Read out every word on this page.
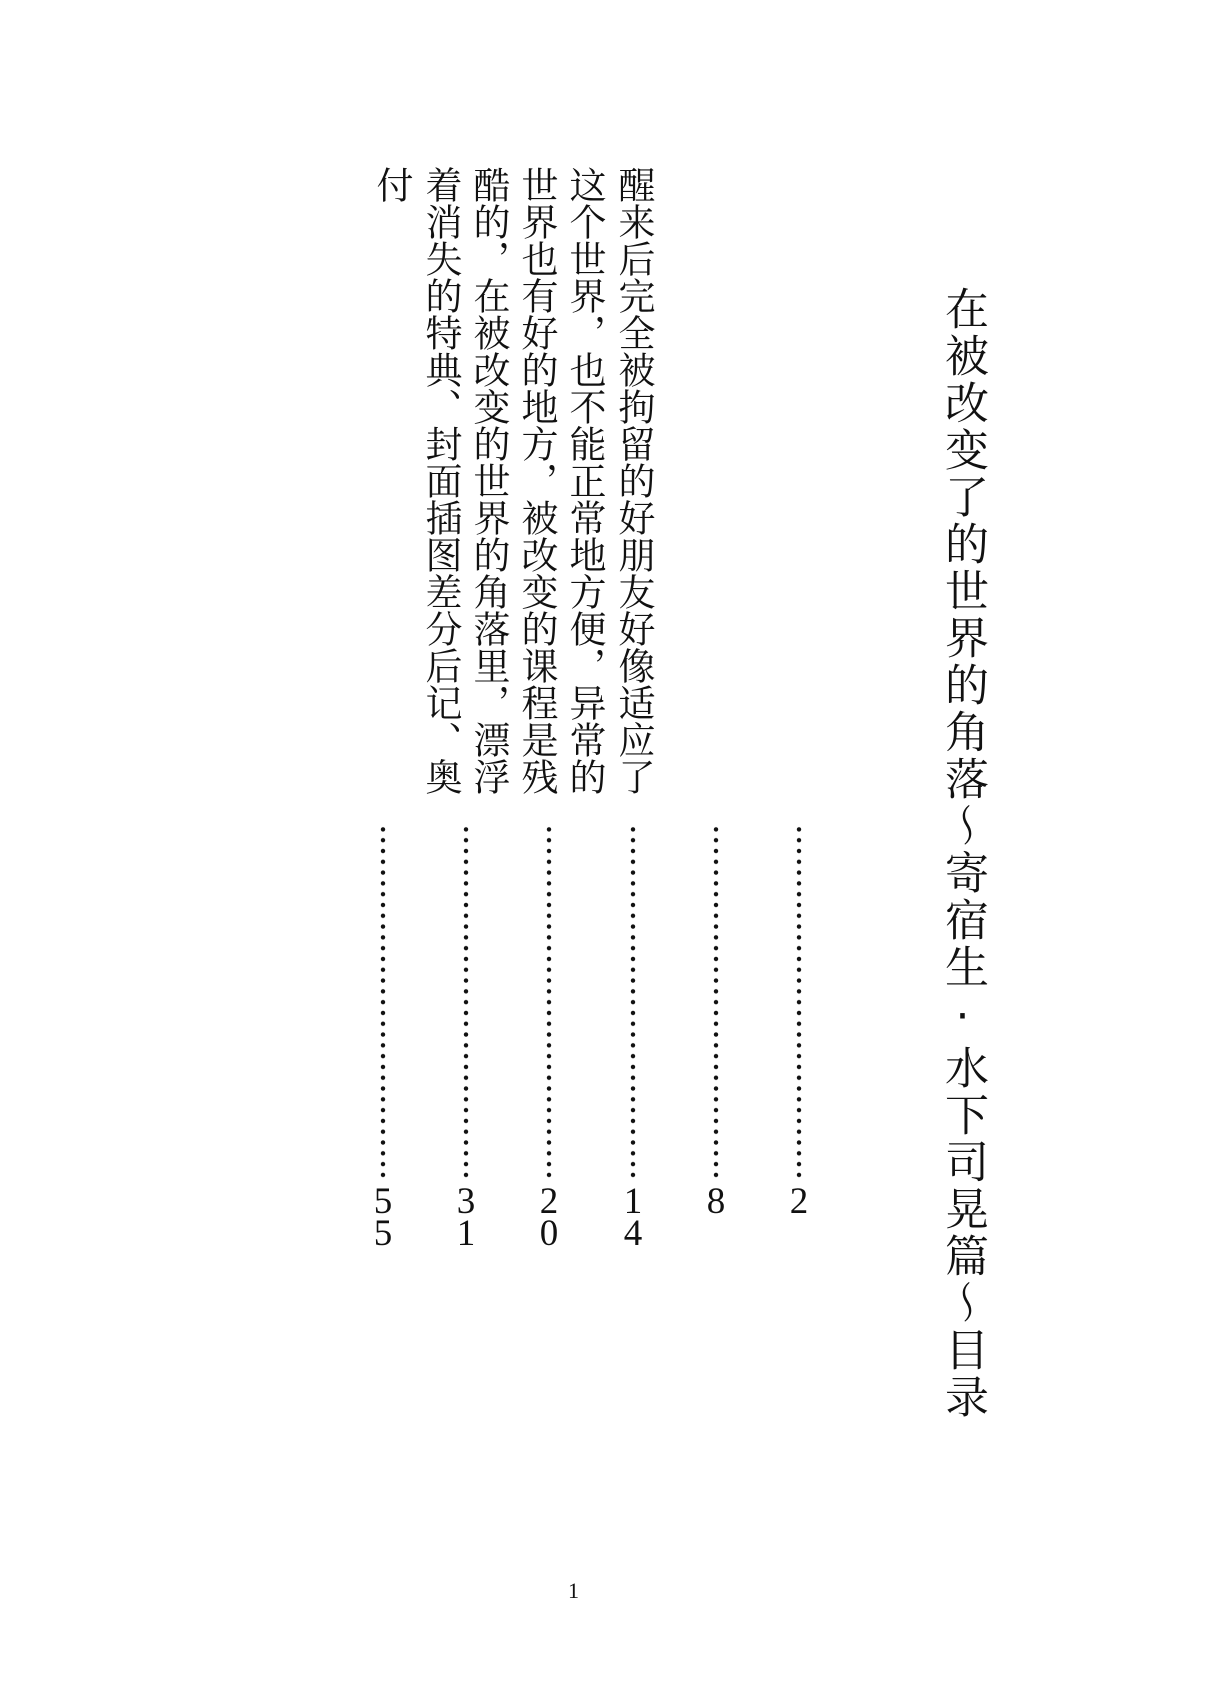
在被改变了的世界的角落～寄宿生·水下司晃篇～目录
醒来后完全被拘留的好朋友好像适应了
这个世界，也不能正常地方便，异常的
世界也有好的地方，被改变的课程是残
酷的，在被改变的世界的角落里，漂浮
着消失的特典、封面插图差分后记、奥
付
2
8
1
4
2
0
3
1
5
5
1
